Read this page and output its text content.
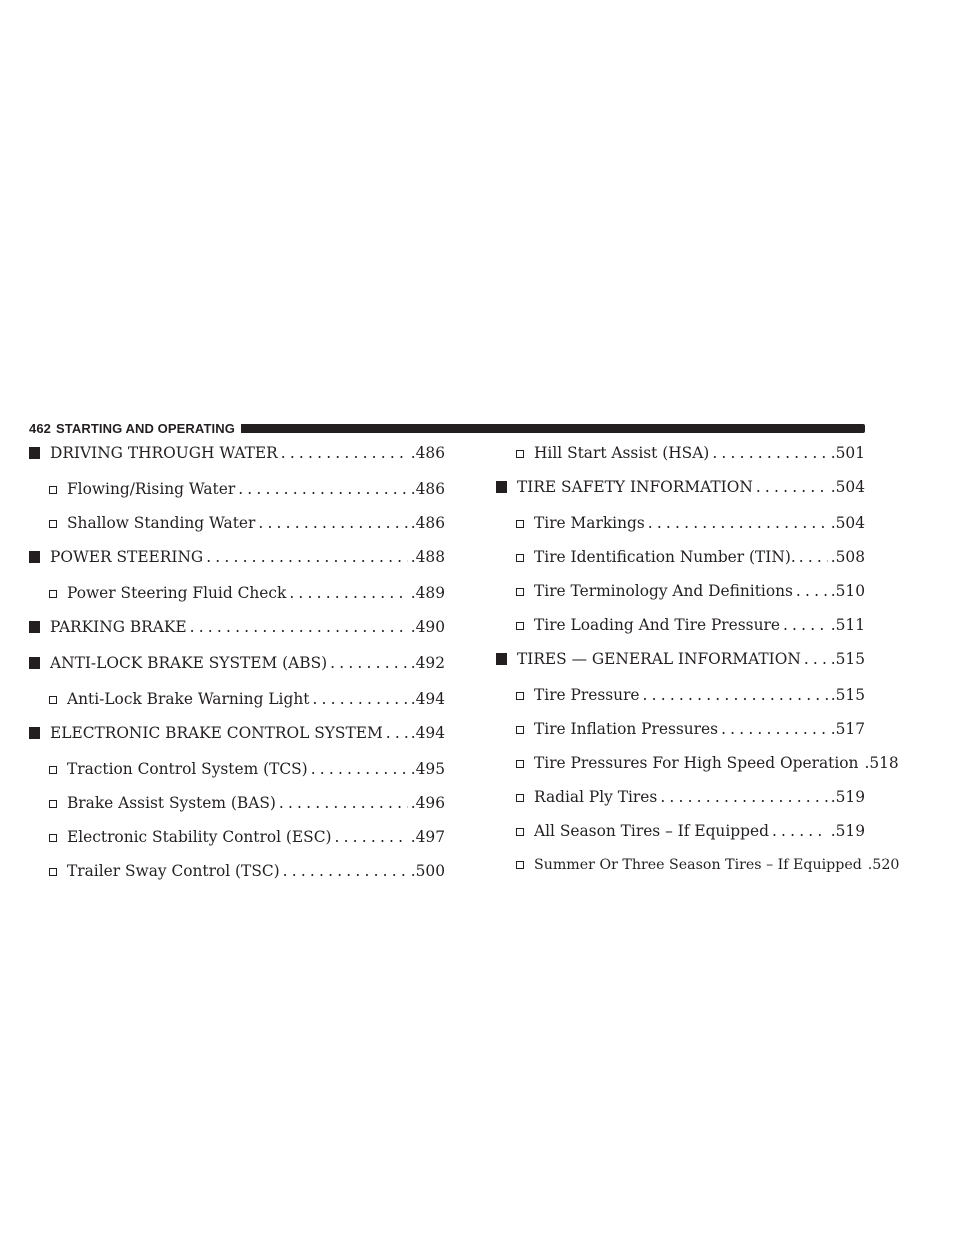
462 STARTING AND OPERATING
DRIVING THROUGH WATER .....	.486
Flowing/Rising Water .....	.486
Shallow Standing Water .....	.486
POWER STEERING .....	.488
Power Steering Fluid Check .....	.489
PARKING BRAKE .....	.490
ANTI-LOCK BRAKE SYSTEM (ABS) .....	.492
Anti-Lock Brake Warning Light .....	.494
ELECTRONIC BRAKE CONTROL SYSTEM ..... .494
Traction Control System (TCS) .....	.495
Brake Assist System (BAS) .....	.496
Electronic Stability Control (ESC) .....	.497
Trailer Sway Control (TSC) .....	.500
Hill Start Assist (HSA) .....	.501
TIRE SAFETY INFORMATION .....	.504
Tire Markings .....	.504
Tire Identification Number (TIN). ..... .508
Tire Terminology And Definitions ..... .510
Tire Loading And Tire Pressure .....	.511
TIRES — GENERAL INFORMATION ..... .515
Tire Pressure .....	.515
Tire Inflation Pressures .....	.517
Tire Pressures For High Speed Operation .518
Radial Ply Tires .....	.519
All Season Tires – If Equipped .....	.519
Summer Or Three Season Tires – If Equipped .520
